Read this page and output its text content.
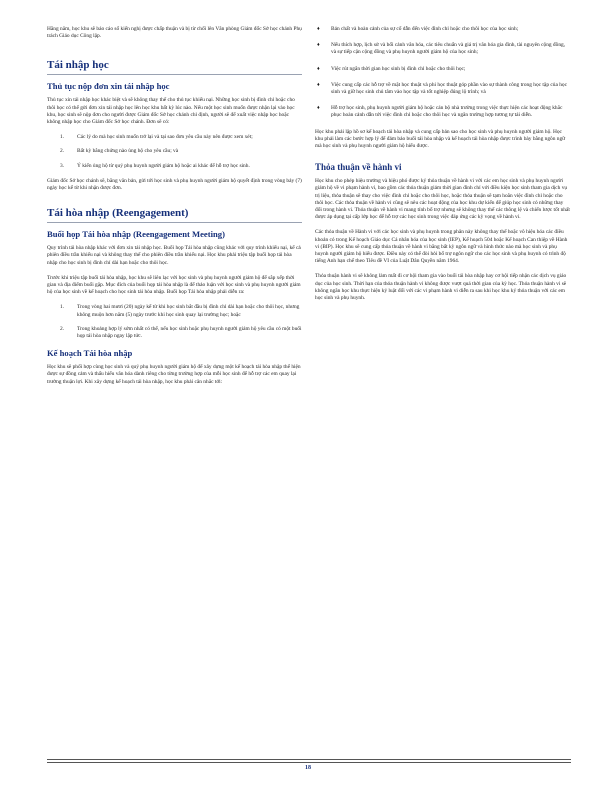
Hằng năm, học khu sẽ báo cáo số kiến nghị được chấp thuận và bị từ chối lên Văn phòng Giám đốc Sở học chánh Phụ trách Giáo dục Công lập.

Tái nhập học
Thủ tục nộp đơn xin tái nhập học

Thủ tục xin tái nhập học khác biệt và sẽ không thay thế cho thủ tục khiếu nại. Những học sinh bị đình chỉ hoặc cho thôi học có thể gửi đơn xin tái nhập học lên học khu bất kỳ lúc nào. Nếu một học sinh muốn được nhận lại vào học khu, học sinh sẽ nộp đơn cho người được Giám đốc Sở học chánh chỉ định, người sẽ để xuất việc nhập học hoặc không nhập học cho Giám đốc Sở học chánh. Đơn sẽ có:

1. Các lý do mà học sinh muốn trở lại và tại sao đơn yêu cầu này nên được xem xét;
2. Bất kỳ bằng chứng nào ủng hộ cho yêu cầu; và
3. Ý kiến ủng hộ từ quý phụ huynh người giám hộ hoặc ai khác để hỗ trợ học sinh.

Giám đốc Sở học chánh sẽ, bằng văn bản, gửi tới học sinh và phụ huynh người giám hộ quyết định trong vòng bảy (7) ngày học kể từ khi nhận được đơn.

Tái hòa nhập (Reengagement)
Buổi họp Tái hòa nhập (Reengagement Meeting)

Quy trình tái hòa nhập khác với đơn xin tái nhập học. Buổi họp Tái hòa nhập cũng khác với quy trình khiếu nại, kể cả phiên điều trần khiếu nại và không thay thế cho phiên điều trần khiếu nại. Học khu phải triệu tập buổi họp tái hòa nhập cho học sinh bị đình chỉ dài hạn hoặc cho thôi học.

Trước khi triệu tập buổi tái hòa nhập, học khu sẽ liên lạc với học sinh và phụ huynh người giám hộ để sắp xếp thời gian và địa điểm buổi gặp. Mục đích của buổi họp tái hòa nhập là để thảo luận với học sinh và phụ huynh người giám hộ của học sinh về kế hoạch cho học sinh tái hòa nhập. Buổi họp Tái hòa nhập phải diễn ra:

1. Trong vòng hai mươi (20) ngày kể từ khi học sinh bắt đầu bị đình chỉ dài hạn hoặc cho thôi học, nhưng không muộn hơn năm (5) ngày trước khi học sinh quay lại trường học; hoặc
2. Trong khoảng hợp lý sớm nhất có thể, nếu học sinh hoặc phụ huynh người giám hộ yêu cầu có một buổi họp tái hòa nhập ngay lập tức.
Kế hoạch Tái hòa nhập

Học khu sẽ phối hợp cùng học sinh và quý phụ huynh người giám hộ để xây dựng một kế hoạch tái hòa nhập thể hiện được sự đồng cảm và thấu hiểu văn hóa dành riêng cho từng trường hợp của mỗi học sinh để hỗ trợ các em quay lại trường thuận lợi. Khi xây dựng kế hoạch tái hòa nhập, học khu phải cân nhắc tới:

♦ Bản chất và hoàn cảnh của sự cố dẫn đến việc đình chỉ hoặc cho thôi học của học sinh;
♦ Nếu thích hợp, lịch sử và bối cảnh văn hóa, các tiêu chuẩn và giá trị văn hóa gia đình, tài nguyên cộng đồng, và sự tiếp cận cộng đồng và phụ huynh người giám hộ của học sinh;
♦ Việc rút ngắn thời gian học sinh bị đình chỉ hoặc cho thôi học;
♦ Việc cung cấp các hỗ trợ về mặt học thuật và phi học thuật góp phần vào sự thành công trong học tập của học sinh và giữ học sinh chủ tâm vào học tập và tốt nghiệp đúng lộ trình; và
♦ Hỗ trợ học sinh, phụ huynh người giám hộ hoặc cán bộ nhà trường trong việc thực hiện các hoạt động khắc phục hoàn cảnh dẫn tới việc đình chỉ hoặc cho thôi học và ngăn trường hợp tương tự tái diễn.

Học khu phải lập hồ sơ kế hoạch tái hòa nhập và cung cấp bản sao cho học sinh và phụ huynh người giám hộ. Học khu phải làm các bước hợp lý để đảm bảo buổi tái hòa nhập và kế hoạch tái hòa nhập được trình bày bằng ngôn ngữ mà học sinh và phụ huynh người giám hộ hiểu được.

Thỏa thuận về hành vi

Học khu cho phép hiệu trưởng và hiệu phó được ký thỏa thuận về hành vi với các em học sinh và phụ huynh người giám hộ về vi phạm hành vi, bao gồm các thỏa thuận giảm thời gian đình chỉ với điều kiện học sinh tham gia dịch vụ trị liệu, thỏa thuận sẽ thay cho việc đình chỉ hoặc cho thôi học, hoặc thỏa thuận sẽ tạm hoãn việc đình chỉ hoặc cho thôi học. Các thỏa thuận về hành vi cũng sẽ nêu các hoạt động của học khu dự kiến để giúp học sinh có những thay đổi trong hành vi. Thỏa thuận về hành vi mang tính bổ trợ nhưng sẽ không thay thế các thông lệ và chiến lược tốt nhất được áp dụng tại cấp lớp học để hỗ trợ các học sinh trong việc đáp ứng các kỳ vọng về hành vi.

Các thỏa thuận về Hành vi với các học sinh và phụ huynh trong phân này không thay thế hoặc vô hiệu hóa các điều khoản có trong Kế hoạch Giáo dục Cá nhân hóa của học sinh (IEP), Kế hoạch 504 hoặc Kế hoạch Can thiệp về Hành vi (BIP). Học khu sẽ cung cấp thỏa thuận về hành vi bằng bất kỳ ngôn ngữ và hình thức nào mà học sinh và phụ huynh người giám hộ hiểu được. Điều này có thể đòi hỏi bổ trợ ngôn ngữ cho các học sinh và phụ huynh có trình độ tiếng Anh hạn chế theo Tiêu đề VI của Luật Dân Quyền năm 1964.

Thỏa thuận hành vi sẽ không làm mất đi cơ hội tham gia vào buổi tái hòa nhập hay cơ hội tiếp nhận các dịch vụ giáo dục của học sinh. Thời hạn của thỏa thuận hành vi không được vượt quá thời gian của kỳ học. Thỏa thuận hành vi sẽ không ngăn học khu thực hiện kỷ luật đối với các vi phạm hành vi diễn ra sau khi học khu ký thỏa thuận với các em học sinh và phụ huynh.

18
